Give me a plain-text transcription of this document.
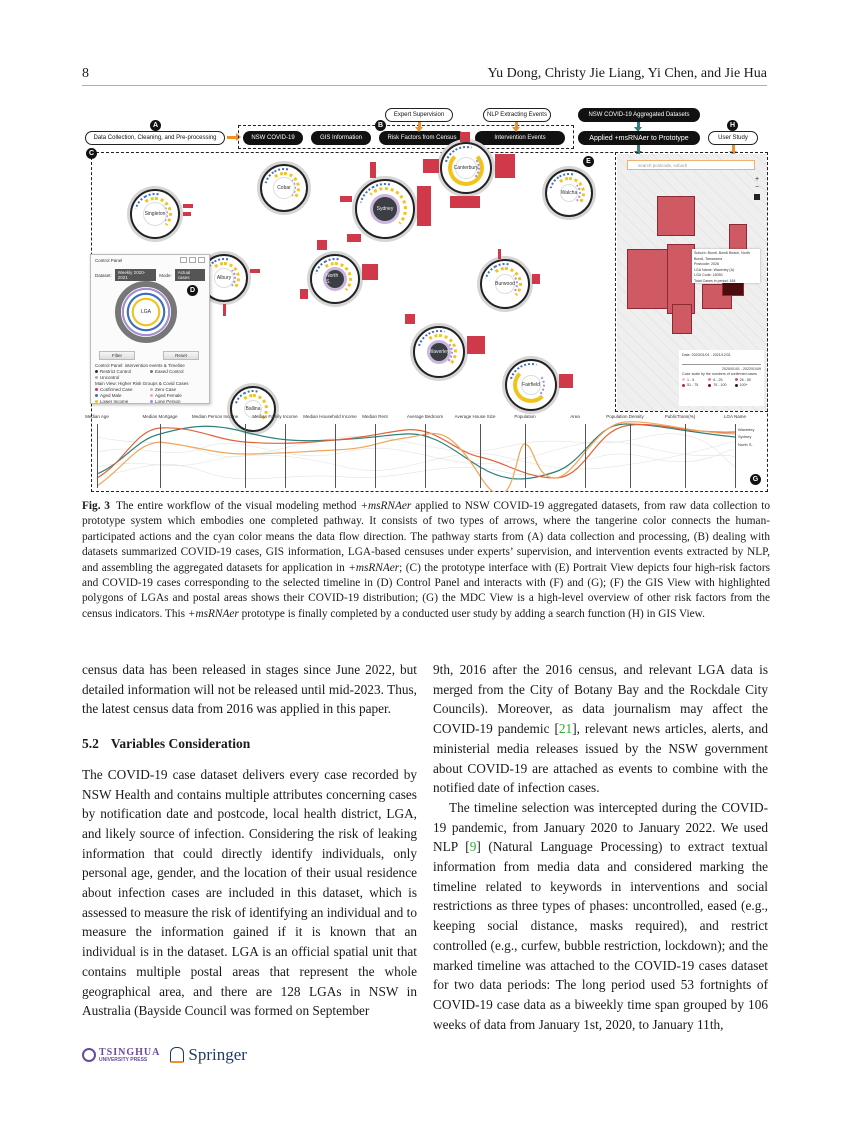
8	Yu Dong, Christy Jie Liang, Yi Chen, and Jie Hua
Data Collection, Cleaning, and Pre-processing
A	B
NSW COVID-19	GIS Information	Risk Factors from Census	Intervention Events
Expert Supervision	NLP Extracting Events	NSW COVID-19 Aggregated Datasets
Applied +msRNAer to Prototype	User Study
H
C
E
Singleton
Cobar
Sydney
Canterbury
Walcha
Albury	North S.	Burwood
Waverley
Fairfield
Ballina
Control Panel
Dataset:	Weekly 2020-2021	Mode:	Actual cases
LGA
D
Filter	Reset
Control Panel: intervention events & Timeline
Restrict Control	Eased Control
Uncontrol
Main View: Higher Risk Groups & Covid Cases
Confirmed Case	Zero Case
Aged Male	Aged Female
Lower Income	Lone Person
search postcode, suburb
+
−
Suburb: Bondi, Bondi Beach, North Bondi, Tamarama
Postcode: 2026
LGA Name: Waverley (A)
LGA Code: 18050
Total Cases in period: 184
Date: 2020/01/01 - 2021/12/31
2020/01/01 - 2022/01/09
Color scale by the numbers of confirmed cases
1 - 5	6 - 25	26 - 50
51 - 75	76 - 100	100+
Median Age	Median Mortgage	Median Person Income	Median Family Income Median Household Income Median Rent	Average Bedroom	Average House Size	Population	Area	Population Density	PublicTrans(%)	LGA Name
Waverley
Sydney
North S.
G
Fig. 3 The entire workflow of the visual modeling method +msRNAer applied to NSW COVID-19 aggregated datasets, from raw data collection to prototype system which embodies one completed pathway. It consists of two types of arrows, where the tangerine color connects the human-participated actions and the cyan color means the data flow direction. The pathway starts from (A) data collection and processing, (B) dealing with datasets summarized COVID-19 cases, GIS information, LGA-based censuses under experts’ supervision, and intervention events extracted by NLP, and assembling the aggregated datasets for application in +msRNAer; (C) the prototype interface with (E) Portrait View depicts four high-risk factors and COVID-19 cases corresponding to the selected timeline in (D) Control Panel and interacts with (F) and (G); (F) the GIS View with highlighted polygons of LGAs and postal areas shows their COVID-19 distribution; (G) the MDC View is a high-level overview of other risk factors from the census indicators. This +msRNAer prototype is finally completed by a conducted user study by adding a search function (H) in GIS View.

census data has been released in stages since June 2022, but detailed information will not be released until mid-2023. Thus, the latest census data from 2016 was applied in this paper.

5.2 Variables Consideration

The COVID-19 case dataset delivers every case recorded by NSW Health and contains multiple attributes concerning cases by notification date and postcode, local health district, LGA, and likely source of infection. Considering the risk of leaking information that could directly identify individuals, only personal age, gender, and the location of their usual residence about infection cases are included in this dataset, which is assessed to measure the risk of identifying an individual and to measure the information gained if it is known that an individual is in the dataset. LGA is an official spatial unit that contains multiple postal areas that represent the whole geographical area, and there are 128 LGAs in NSW in Australia (Bayside Council was formed on September

9th, 2016 after the 2016 census, and relevant LGA data is merged from the City of Botany Bay and the Rockdale City Councils). Moreover, as data journalism may affect the COVID-19 pandemic [21], relevant news articles, alerts, and ministerial media releases issued by the NSW government about COVID-19 are attached as events to combine with the notified date of infection cases.

The timeline selection was intercepted during the COVID-19 pandemic, from January 2020 to January 2022. We used NLP [9] (Natural Language Processing) to extract textual information from media data and considered marking the timeline related to keywords in interventions and social restrictions as three types of phases: uncontrolled, eased (e.g., keeping social distance, masks required), and restrict controlled (e.g., curfew, bubble restriction, lockdown); and the marked timeline was attached to the COVID-19 cases dataset for two data periods: The long period used 53 fortnights of COVID-19 case data as a biweekly time span grouped by 106 weeks of data from January 1st, 2020, to January 11th,

TSINGHUA
UNIVERSITY PRESS	Springer
